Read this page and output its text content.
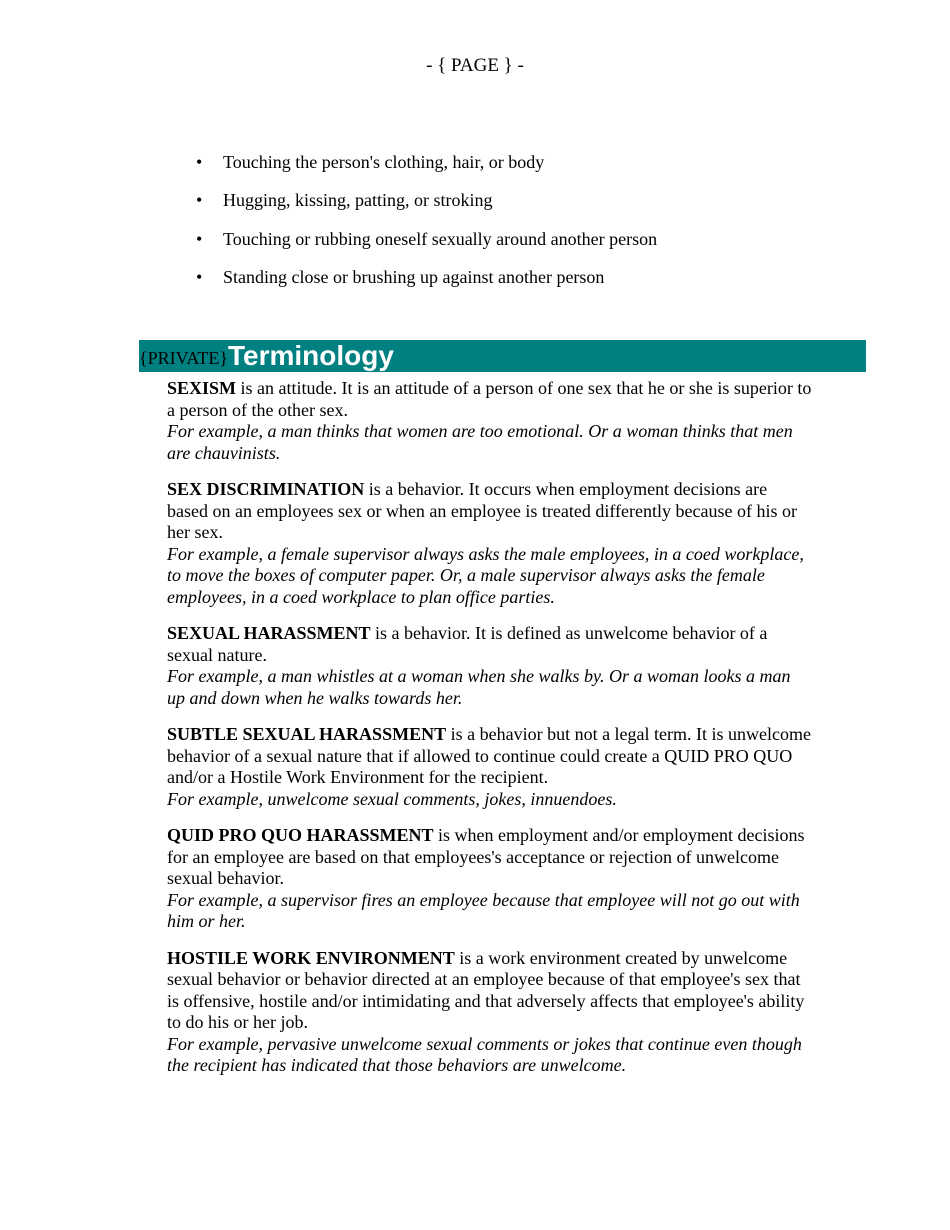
- { PAGE } -
• Touching the person's clothing, hair, or body
• Hugging, kissing, patting, or stroking
• Touching or rubbing oneself sexually around another person
• Standing close or brushing up against another person
{PRIVATE} Terminology

SEXISM is an attitude. It is an attitude of a person of one sex that he or she is superior to a person of the other sex.
For example, a man thinks that women are too emotional. Or a woman thinks that men are chauvinists.

SEX DISCRIMINATION is a behavior. It occurs when employment decisions are based on an employees sex or when an employee is treated differently because of his or her sex.
For example, a female supervisor always asks the male employees, in a coed workplace, to move the boxes of computer paper. Or, a male supervisor always asks the female employees, in a coed workplace to plan office parties.

SEXUAL HARASSMENT is a behavior. It is defined as unwelcome behavior of a sexual nature.
For example, a man whistles at a woman when she walks by. Or a woman looks a man up and down when he walks towards her.

SUBTLE SEXUAL HARASSMENT is a behavior but not a legal term. It is unwelcome behavior of a sexual nature that if allowed to continue could create a QUID PRO QUO and/or a Hostile Work Environment for the recipient.
For example, unwelcome sexual comments, jokes, innuendoes.

QUID PRO QUO HARASSMENT is when employment and/or employment decisions for an employee are based on that employees's acceptance or rejection of unwelcome sexual behavior.
For example, a supervisor fires an employee because that employee will not go out with him or her.

HOSTILE WORK ENVIRONMENT is a work environment created by unwelcome sexual behavior or behavior directed at an employee because of that employee's sex that is offensive, hostile and/or intimidating and that adversely affects that employee's ability to do his or her job.
For example, pervasive unwelcome sexual comments or jokes that continue even though the recipient has indicated that those behaviors are unwelcome.
